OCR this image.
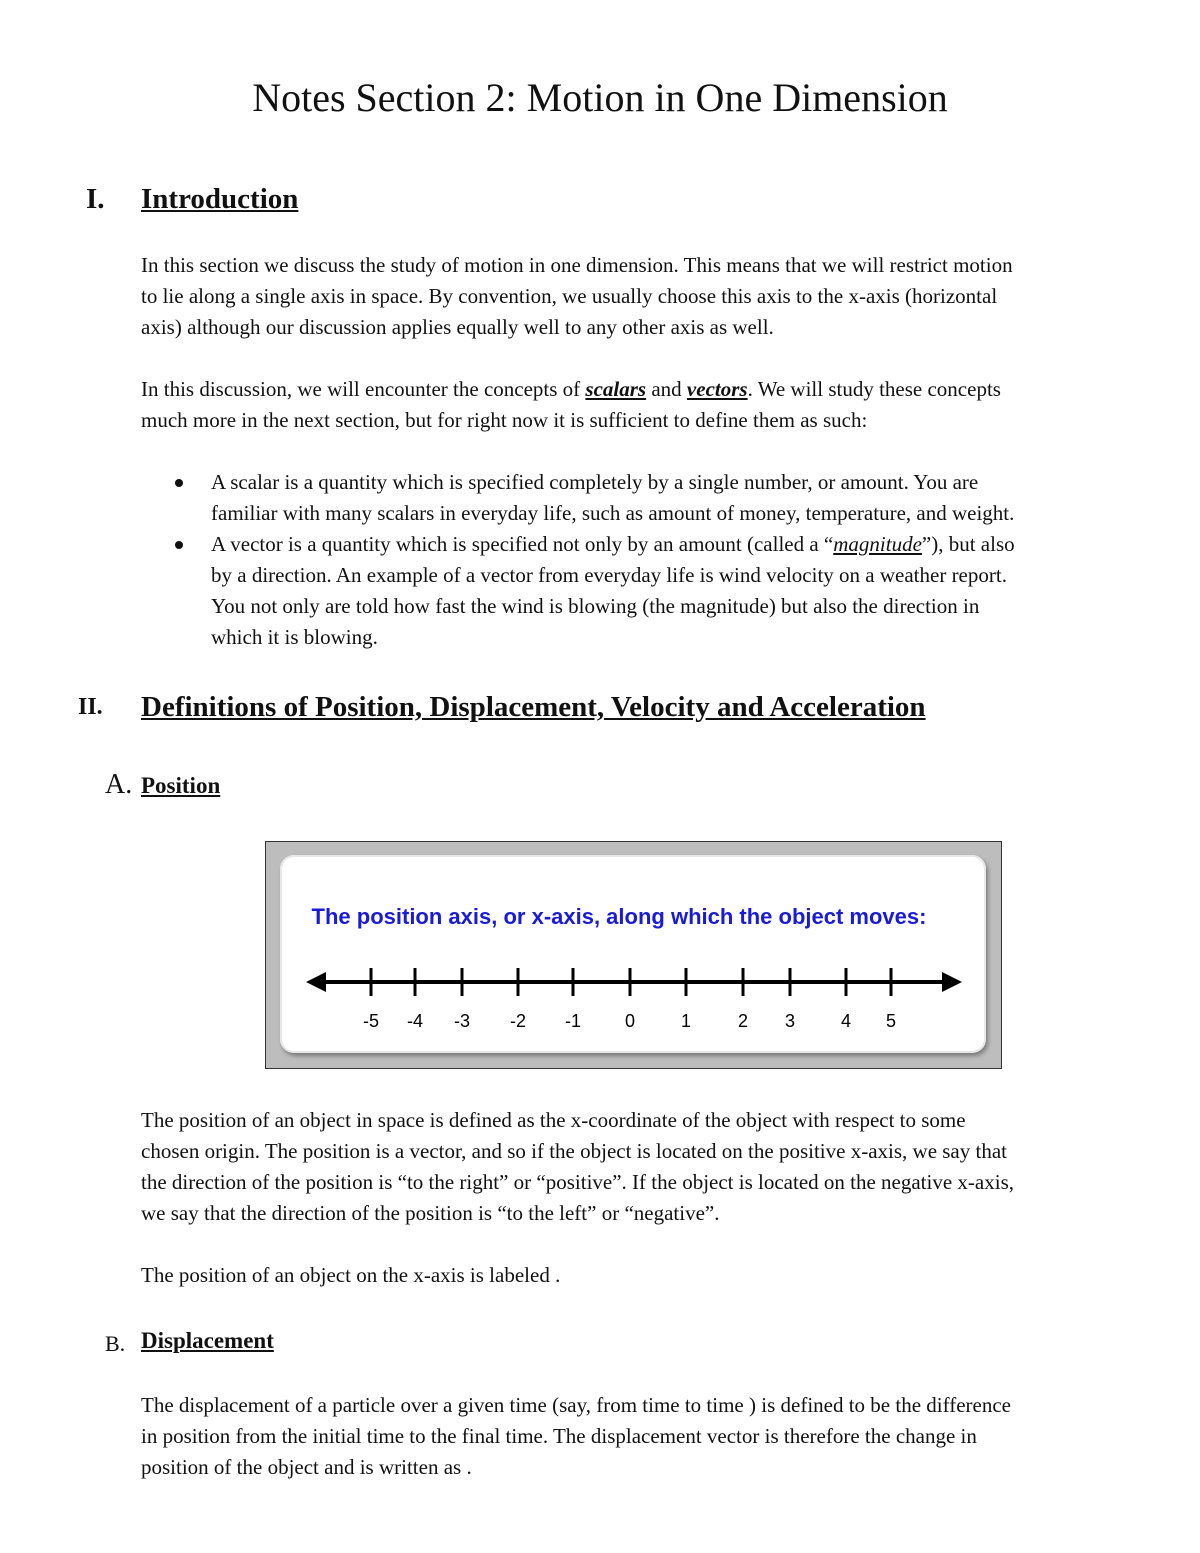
Notes Section 2: Motion in One Dimension
I. Introduction
In this section we discuss the study of motion in one dimension. This means that we will restrict motion
to lie along a single axis in space. By convention, we usually choose this axis to the x-axis (horizontal
axis) although our discussion applies equally well to any other axis as well.
In this discussion, we will encounter the concepts of scalars and vectors. We will study these concepts
much more in the next section, but for right now it is sufficient to define them as such:
A scalar is a quantity which is specified completely by a single number, or amount. You are
familiar with many scalars in everyday life, such as amount of money, temperature, and weight.
A vector is a quantity which is specified not only by an amount (called a “magnitude”), but also
by a direction. An example of a vector from everyday life is wind velocity on a weather report.
You not only are told how fast the wind is blowing (the magnitude) but also the direction in
which it is blowing.
II. Definitions of Position, Displacement, Velocity and Acceleration
A. Position
The position axis, or x-axis, along which the object moves:
-5 -4 -3 -2 -1 0	1	2 3	4 5
The position of an object in space is defined as the x-coordinate of the object with respect to some
chosen origin. The position is a vector, and so if the object is located on the positive x-axis, we say that
the direction of the position is “to the right” or “positive”. If the object is located on the negative x-axis,
we say that the direction of the position is “to the left” or “negative”.
The position of an object on the x-axis is labeled .
B. Displacement
The displacement of a particle over a given time (say, from time to time ) is defined to be the difference
in position from the initial time to the final time. The displacement vector is therefore the change in
position of the object and is written as .
